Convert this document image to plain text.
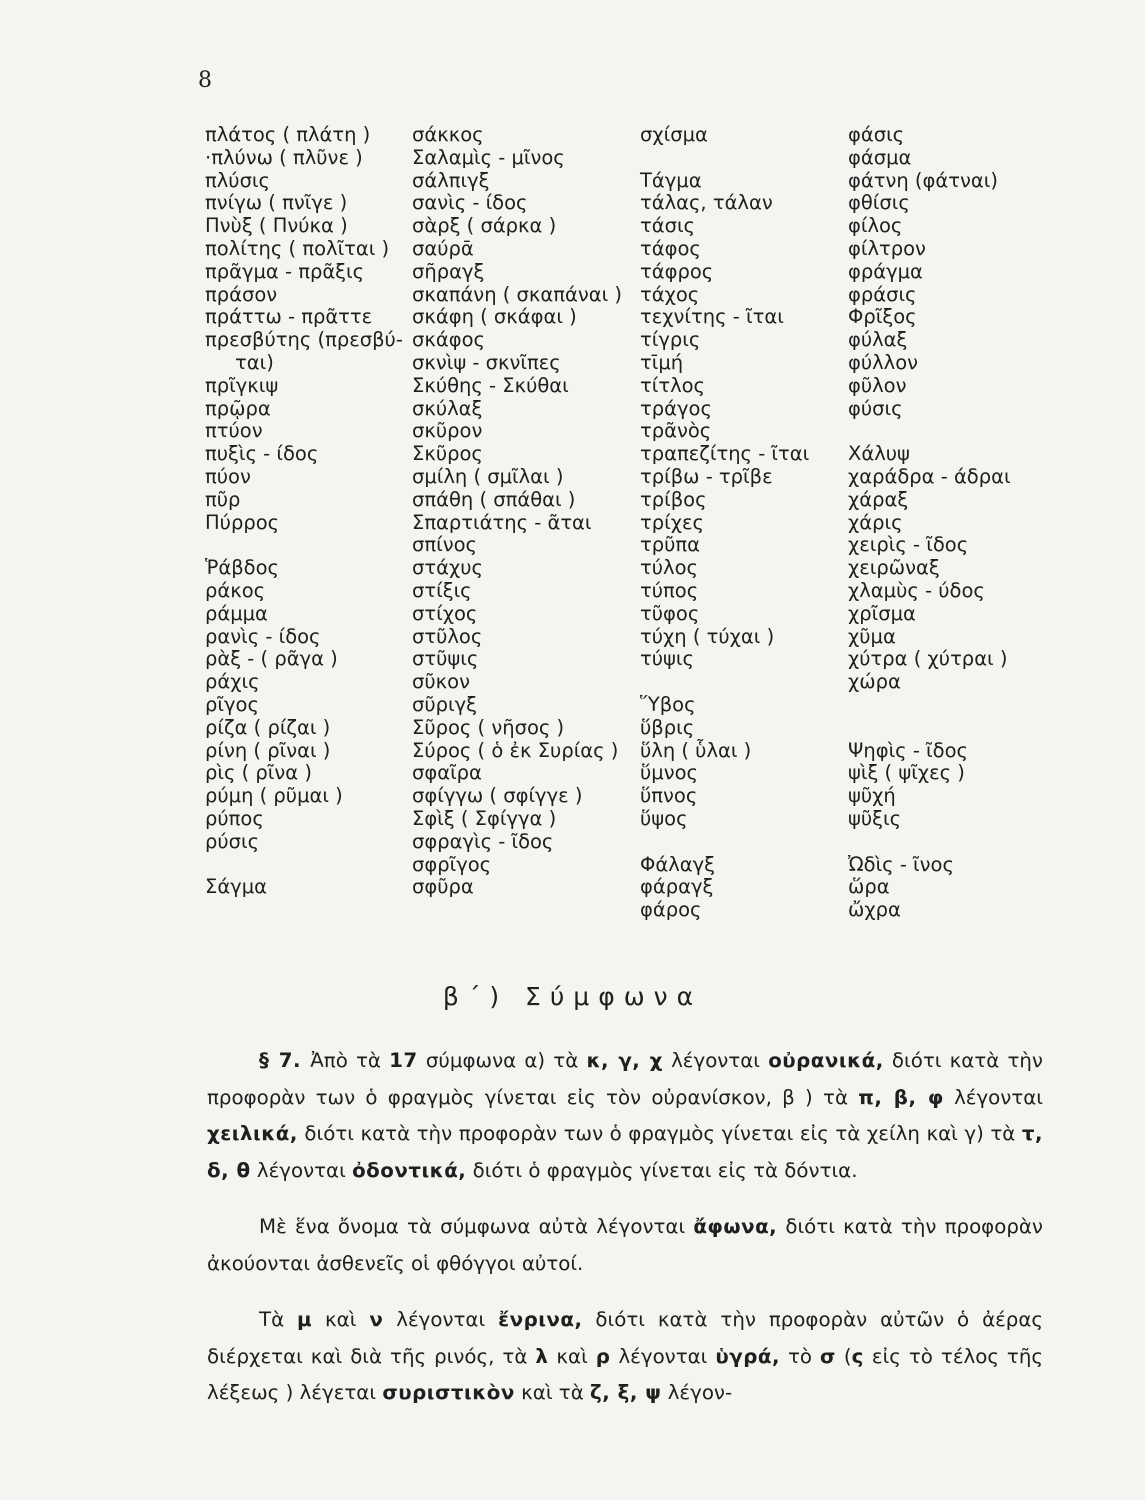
8
πλάτος ( πλάτη )
·πλύνω ( πλῦνε )
πλύσις
πνίγω ( πνῖγε )
Πνὺξ ( Πνύκα )
πολίτης ( πολῖται )
πρᾶγμα - πρᾶξις
πράσον
πράττω - πρᾶττε
πρεσβύτης (πρεσβύ-
ται)
πρῖγκιψ
πρῷρα
πτύον
πυξὶς - ίδος
πύον
πῦρ
Πύρρος
Ῥάβδος
ράκος
ράμμα
ρανὶς - ίδος
ρὰξ - ( ρᾶγα )
ράχις
ρῖγος
ρίζα ( ρίζαι )
ρίνη ( ρῖναι )
ρὶς ( ρῖνα )
ρύμη ( ρῦμαι )
ρύπος
ρύσις
Σάγμα
σάκκος
Σαλαμὶς - μῖνος
σάλπιγξ
σανὶς - ίδος
σὰρξ ( σάρκα )
σαύρᾱ
σῆραγξ
σκαπάνη ( σκαπάναι )
σκάφη ( σκάφαι )
σκάφος
σκνὶψ - σκνῖπες
Σκύθης - Σκύθαι
σκύλαξ
σκῦρον
Σκῦρος
σμίλη ( σμῖλαι )
σπάθη ( σπάθαι )
Σπαρτιάτης - ᾶται
σπίνος
στάχυς
στίξις
στίχος
στῦλος
στῦψις
σῦκον
σῦριγξ
Σῦρος ( νῆσος )
Σύρος ( ὁ ἐκ Συρίας )
σφαῖρα
σφίγγω ( σφίγγε )
Σφὶξ ( Σφίγγα )
σφραγὶς - ῖδος
σφρῖγος
σφῦρα
σχίσμα
Τάγμα
τάλας, τάλαν
τάσις
τάφος
τάφρος
τάχος
τεχνίτης - ῖται
τίγρις
τῑμή
τίτλος
τράγος
τρᾶνὸς
τραπεζίτης - ῖται
τρίβω - τρῖβε
τρίβος
τρίχες
τρῦπα
τύλος
τύπος
τῦφος
τύχη ( τύχαι )
τύψις
Ὕβος
ὕβρις
ὕλη ( ὗλαι )
ὕμνος
ὕπνος
ὕψος
Φάλαγξ
φάραγξ
φάρος
φάσις
φάσμα
φάτνη (φάτναι)
φθίσις
φίλος
φίλτρον
φράγμα
φράσις
Φρῖξος
φύλαξ
φύλλον
φῦλον
φύσις
Χάλυψ
χαράδρα - άδραι
χάραξ
χάρις
χειρὶς - ῖδος
χειρῶναξ
χλαμὺς - ύδος
χρῖσμα
χῦμα
χύτρα ( χύτραι )
χώρα
Ψηφὶς - ῖδος
ψὶξ ( ψῖχες )
ψῦχή
ψῦξις
Ὠδὶς - ῖνος
ὥρα
ὤχρα
β΄) Σύμφωνα

§ 7. Ἀπὸ τὰ 17 σύμφωνα α) τὰ κ, γ, χ λέγονται οὐρανικά, διότι κατὰ τὴν προφορὰν των ὁ φραγμὸς γίνεται εἰς τὸν οὐρανίσκον, β ) τὰ π, β, φ λέγονται χειλικά, διότι κατὰ τὴν προφορὰν των ὁ φραγμὸς γίνεται εἰς τὰ χείλη καὶ γ) τὰ τ, δ, θ λέγονται ὀδοντικά, διότι ὁ φραγμὸς γίνεται εἰς τὰ δόντια.

Μὲ ἕνα ὄνομα τὰ σύμφωνα αὐτὰ λέγονται ἄφωνα, διότι κατὰ τὴν προφορὰν ἀκούονται ἀσθενεῖς οἱ φθόγγοι αὐτοί.

Τὰ μ καὶ ν λέγονται ἔνρινα, διότι κατὰ τὴν προφορὰν αὐτῶν ὁ ἀέρας διέρχεται καὶ διὰ τῆς ρινός, τὰ λ καὶ ρ λέγονται ὑγρά, τὸ σ (ς εἰς τὸ τέλος τῆς λέξεως ) λέγεται συριστικὸν καὶ τὰ ζ, ξ, ψ λέγον-
